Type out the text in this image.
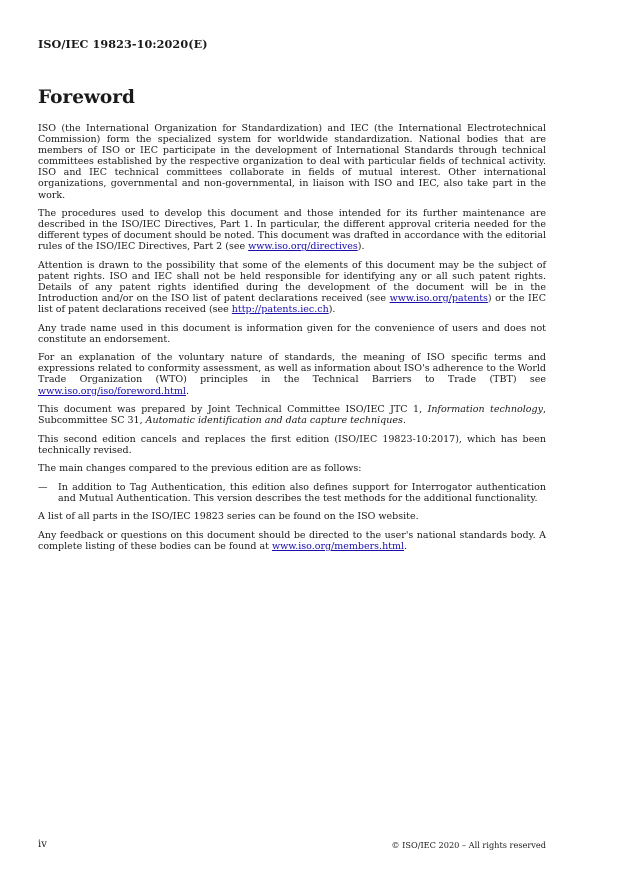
ISO/IEC 19823-10:2020(E)
Foreword

ISO (the International Organization for Standardization) and IEC (the International Electrotechnical Commission) form the specialized system for worldwide standardization. National bodies that are members of ISO or IEC participate in the development of International Standards through technical committees established by the respective organization to deal with particular fields of technical activity. ISO and IEC technical committees collaborate in fields of mutual interest. Other international organizations, governmental and non-governmental, in liaison with ISO and IEC, also take part in the work.

The procedures used to develop this document and those intended for its further maintenance are described in the ISO/IEC Directives, Part 1. In particular, the different approval criteria needed for the different types of document should be noted. This document was drafted in accordance with the editorial rules of the ISO/IEC Directives, Part 2 (see www.iso.org/directives).

Attention is drawn to the possibility that some of the elements of this document may be the subject of patent rights. ISO and IEC shall not be held responsible for identifying any or all such patent rights. Details of any patent rights identified during the development of the document will be in the Introduction and/or on the ISO list of patent declarations received (see www.iso.org/patents) or the IEC list of patent declarations received (see http://patents.iec.ch).

Any trade name used in this document is information given for the convenience of users and does not constitute an endorsement.

For an explanation of the voluntary nature of standards, the meaning of ISO specific terms and expressions related to conformity assessment, as well as information about ISO's adherence to the World Trade Organization (WTO) principles in the Technical Barriers to Trade (TBT) see www.iso.org/iso/foreword.html.

This document was prepared by Joint Technical Committee ISO/IEC JTC 1, Information technology, Subcommittee SC 31, Automatic identification and data capture techniques.

This second edition cancels and replaces the first edition (ISO/IEC 19823-10:2017), which has been technically revised.

The main changes compared to the previous edition are as follows:

—	In addition to Tag Authentication, this edition also defines support for Interrogator authentication and Mutual Authentication. This version describes the test methods for the additional functionality.

A list of all parts in the ISO/IEC 19823 series can be found on the ISO website.

Any feedback or questions on this document should be directed to the user's national standards body. A complete listing of these bodies can be found at www.iso.org/members.html.

iv	© ISO/IEC 2020 – All rights reserved
